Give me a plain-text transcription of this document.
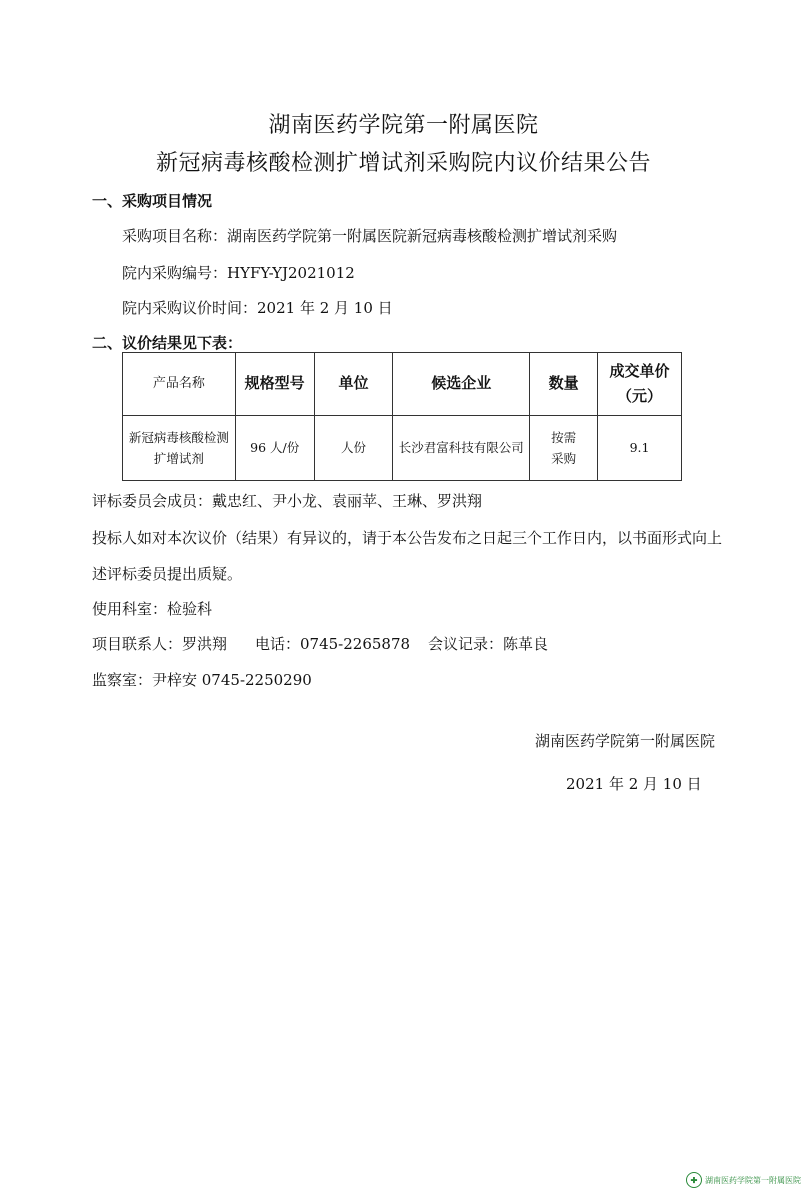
湖南医药学院第一附属医院
新冠病毒核酸检测扩增试剂采购院内议价结果公告
一、采购项目情况
采购项目名称：湖南医药学院第一附属医院新冠病毒核酸检测扩增试剂采购
院内采购编号：HYFY-YJ2021012
院内采购议价时间：2021 年 2 月 10 日
二、议价结果见下表：
产品名称	规格型号	单位	候选企业	数量	成交单价（元）
新冠病毒核酸检测扩增试剂	96 人/份	人份	长沙君富科技有限公司	按需采购	9.1
评标委员会成员：戴忠红、尹小龙、袁丽苹、王琳、罗洪翔
投标人如对本次议价（结果）有异议的，请于本公告发布之日起三个工作日内，以书面形式向上
述评标委员提出质疑。
使用科室：检验科
项目联系人：罗洪翔 电话：0745-2265878 会议记录：陈革良
监察室：尹梓安 0745-2250290
湖南医药学院第一附属医院
2021 年 2 月 10 日
✚ 湖南医药学院第一附属医院
